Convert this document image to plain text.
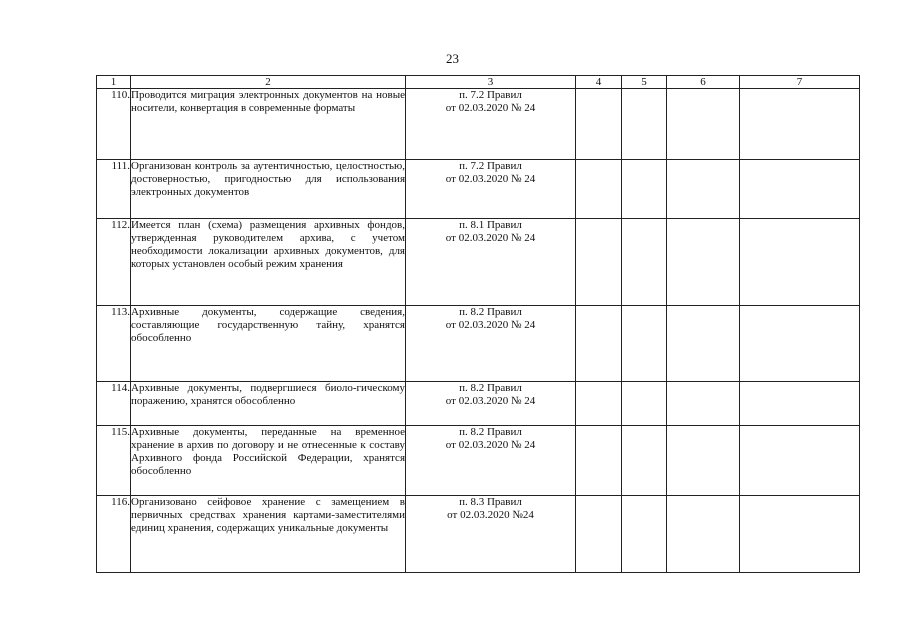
23
1	2	3	4	5	6	7
110.	Проводится миграция электронных документов на новые носители, конвертация в современные форматы	п. 7.2 Правил
от 02.03.2020 № 24				

111.	Организован контроль за аутентичностью, целостностью, достоверностью, пригодностью для использования электронных документов	п. 7.2 Правил
от 02.03.2020 № 24				

112.	Имеется план (схема) размещения архивных фондов, утвержденная руководителем архива, с учетом необходимости локализации архивных документов, для которых установлен особый режим хранения	п. 8.1 Правил
от 02.03.2020 № 24				

113.	Архивные документы, содержащие сведения, составляющие государственную тайну, хранятся обособленно	п. 8.2 Правил
от 02.03.2020 № 24				

114.	Архивные документы, подвергшиеся биоло-гическому поражению, хранятся обособленно	п. 8.2 Правил
от 02.03.2020 № 24				

115.	Архивные документы, переданные на временное хранение в архив по договору и не отнесенные к составу Архивного фонда Российской Федерации, хранятся обособленно	п. 8.2 Правил
от 02.03.2020 № 24				

116.	Организовано сейфовое хранение с замещением в первичных средствах хранения картами-заместителями единиц хранения, содержащих уникальные документы	п. 8.3 Правил
от 02.03.2020 №24				
